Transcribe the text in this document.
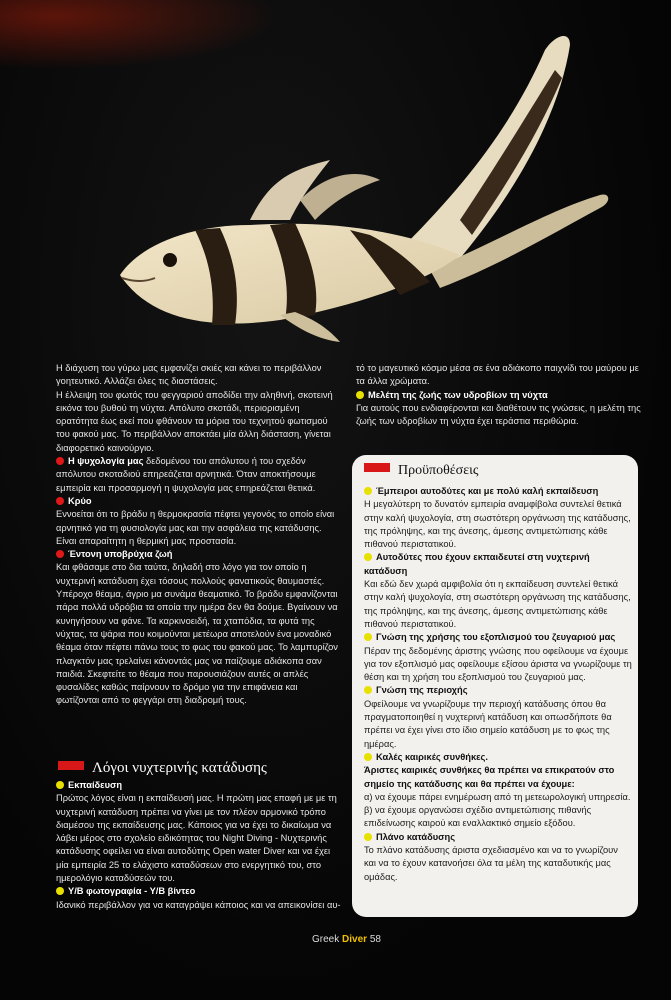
Η διάχυση του γύρω μας εμφανίζει σκιές και κάνει το περιβάλλον γοητευτικό. Αλλάζει όλες τις διαστάσεις.

Η έλλειψη του φωτός του φεγγαριού αποδίδει την αληθινή, σκοτεινή εικόνα του βυθού τη νύχτα. Απόλυτο σκοτάδι, περιορισμένη ορατότητα έως εκεί που φθάνουν τα μόρια του τεχνητού φωτισμού του φακού μας. Το περιβάλλον αποκτάει μία άλλη διάσταση, γίνεται διαφορετικό καινούργιο.

Η ψυχολογία μας δεδομένου του απόλυτου ή του σχεδόν απόλυτου σκοταδιού επηρεάζεται αρνητικά. Όταν αποκτήσουμε εμπειρία και προσαρμογή η ψυχολογία μας επηρεάζεται θετικά.

Κρύο

Εννοείται ότι το βράδυ η θερμοκρασία πέφτει γεγονός το οποίο είναι αρνητικό για τη φυσιολογία μας και την ασφάλεια της κατάδυσης. Είναι απαραίτητη η θερμική μας προστασία.

Έντονη υποβρύχια ζωή

Και φθάσαμε στο δια ταύτα, δηλαδή στο λόγο για τον οποίο η νυχτερινή κατάδυση έχει τόσους πολλούς φανατικούς θαυμαστές. Υπέροχο θέαμα, άγριο μα συνάμα θεαματικό. Το βράδυ εμφανίζονται πάρα πολλά υδρόβια τα οποία την ημέρα δεν θα δούμε. Βγαίνουν να κυνηγήσουν να φάνε. Τα καρκινοειδή, τα χταπόδια, τα φυτά της νύχτας, τα ψάρια που κοιμούνται μετέωρα αποτελούν ένα μοναδικό θέαμα όταν πέφτει πάνω τους το φως του φακού μας. Το λαμπυρίζον πλαγκτόν μας τρελαίνει κάνοντάς μας να παίζουμε αδιάκοπα σαν παιδιά. Σκεφτείτε το θέαμα που παρουσιάζουν αυτές οι απλές φυσαλίδες καθώς παίρνουν το δρόμο για την επιφάνεια και φωτίζονται από το φεγγάρι στη διαδρομή τους.

Λόγοι νυχτερινής κατάδυσης

Εκπαίδευση

Πρώτος λόγος είναι η εκπαίδευσή μας. Η πρώτη μας επαφή με με τη νυχτερινή κατάδυση πρέπει να γίνει με τον πλέον αρμονικό τρόπο διαμέσου της εκπαίδευσης μας. Κάποιος για να έχει το δικαίωμα να λάβει μέρος στο σχολείο ειδικότητας του Night Diving - Νυχτερινής κατάδυσης οφείλει να είναι αυτοδύτης Open water Diver και να έχει μία εμπειρία 25 το ελάχιστο καταδύσεων στο ενεργητικό του, στο ημερολόγιο καταδύσεών του.

Υ/Β φωτογραφία - Υ/Β βίντεο

Ιδανικό περιβάλλον για να καταγράψει κάποιος και να απεικονίσει αυ-

τό το μαγευτικό κόσμο μέσα σε ένα αδιάκοπο παιχνίδι του μαύρου με τα άλλα χρώματα.

Μελέτη της ζωής των υδροβίων τη νύχτα

Για αυτούς που ενδιαφέρονται και διαθέτουν τις γνώσεις, η μελέτη της ζωής των υδροβίων τη νύχτα έχει τεράστια περιθώρια.

Προϋποθέσεις

Έμπειροι αυτοδύτες και με πολύ καλή εκπαίδευση

Η μεγαλύτερη το δυνατόν εμπειρία αναμφίβολα συντελεί θετικά στην καλή ψυχολογία, στη σωστότερη οργάνωση της κατάδυσης, της πρόληψης, και της άνεσης, άμεσης αντιμετώπισης κάθε πιθανού περιστατικού.

Αυτοδύτες που έχουν εκπαιδευτεί στη νυχτερινή κατάδυση

Και εδώ δεν χωρά αμφιβολία ότι η εκπαίδευση συντελεί θετικά στην καλή ψυχολογία, στη σωστότερη οργάνωση της κατάδυσης, της πρόληψης, και της άνεσης, άμεσης αντιμετώπισης κάθε πιθανού περιστατικού.

Γνώση της χρήσης του εξοπλισμού του ζευγαριού μας

Πέραν της δεδομένης άριστης γνώσης που οφείλουμε να έχουμε για τον εξοπλισμό μας οφείλουμε εξίσου άριστα να γνωρίζουμε τη θέση και τη χρήση του εξοπλισμού του ζευγαριού μας.

Γνώση της περιοχής

Οφείλουμε να γνωρίζουμε την περιοχή κατάδυσης όπου θα πραγματοποιηθεί η νυχτερινή κατάδυση και οπωσδήποτε θα πρέπει να έχει γίνει στο ίδιο σημείο κατάδυση με το φως της ημέρας.

Καλές καιρικές συνθήκες.

Άριστες καιρικές συνθήκες θα πρέπει να επικρατούν στο σημείο της κατάδυσης και θα πρέπει να έχουμε:

α) να έχουμε πάρει ενημέρωση από τη μετεωρολογική υπηρεσία.

β) να έχουμε οργανώσει σχέδιο αντιμετώπισης πιθανής επιδείνωσης καιρού και εναλλακτικό σημείο εξόδου.

Πλάνο κατάδυσης

Το πλάνο κατάδυσης άριστα σχεδιασμένο και να το γνωρίζουν και να το έχουν κατανοήσει όλα τα μέλη της καταδυτικής μας ομάδας.

Greek Diver 58
